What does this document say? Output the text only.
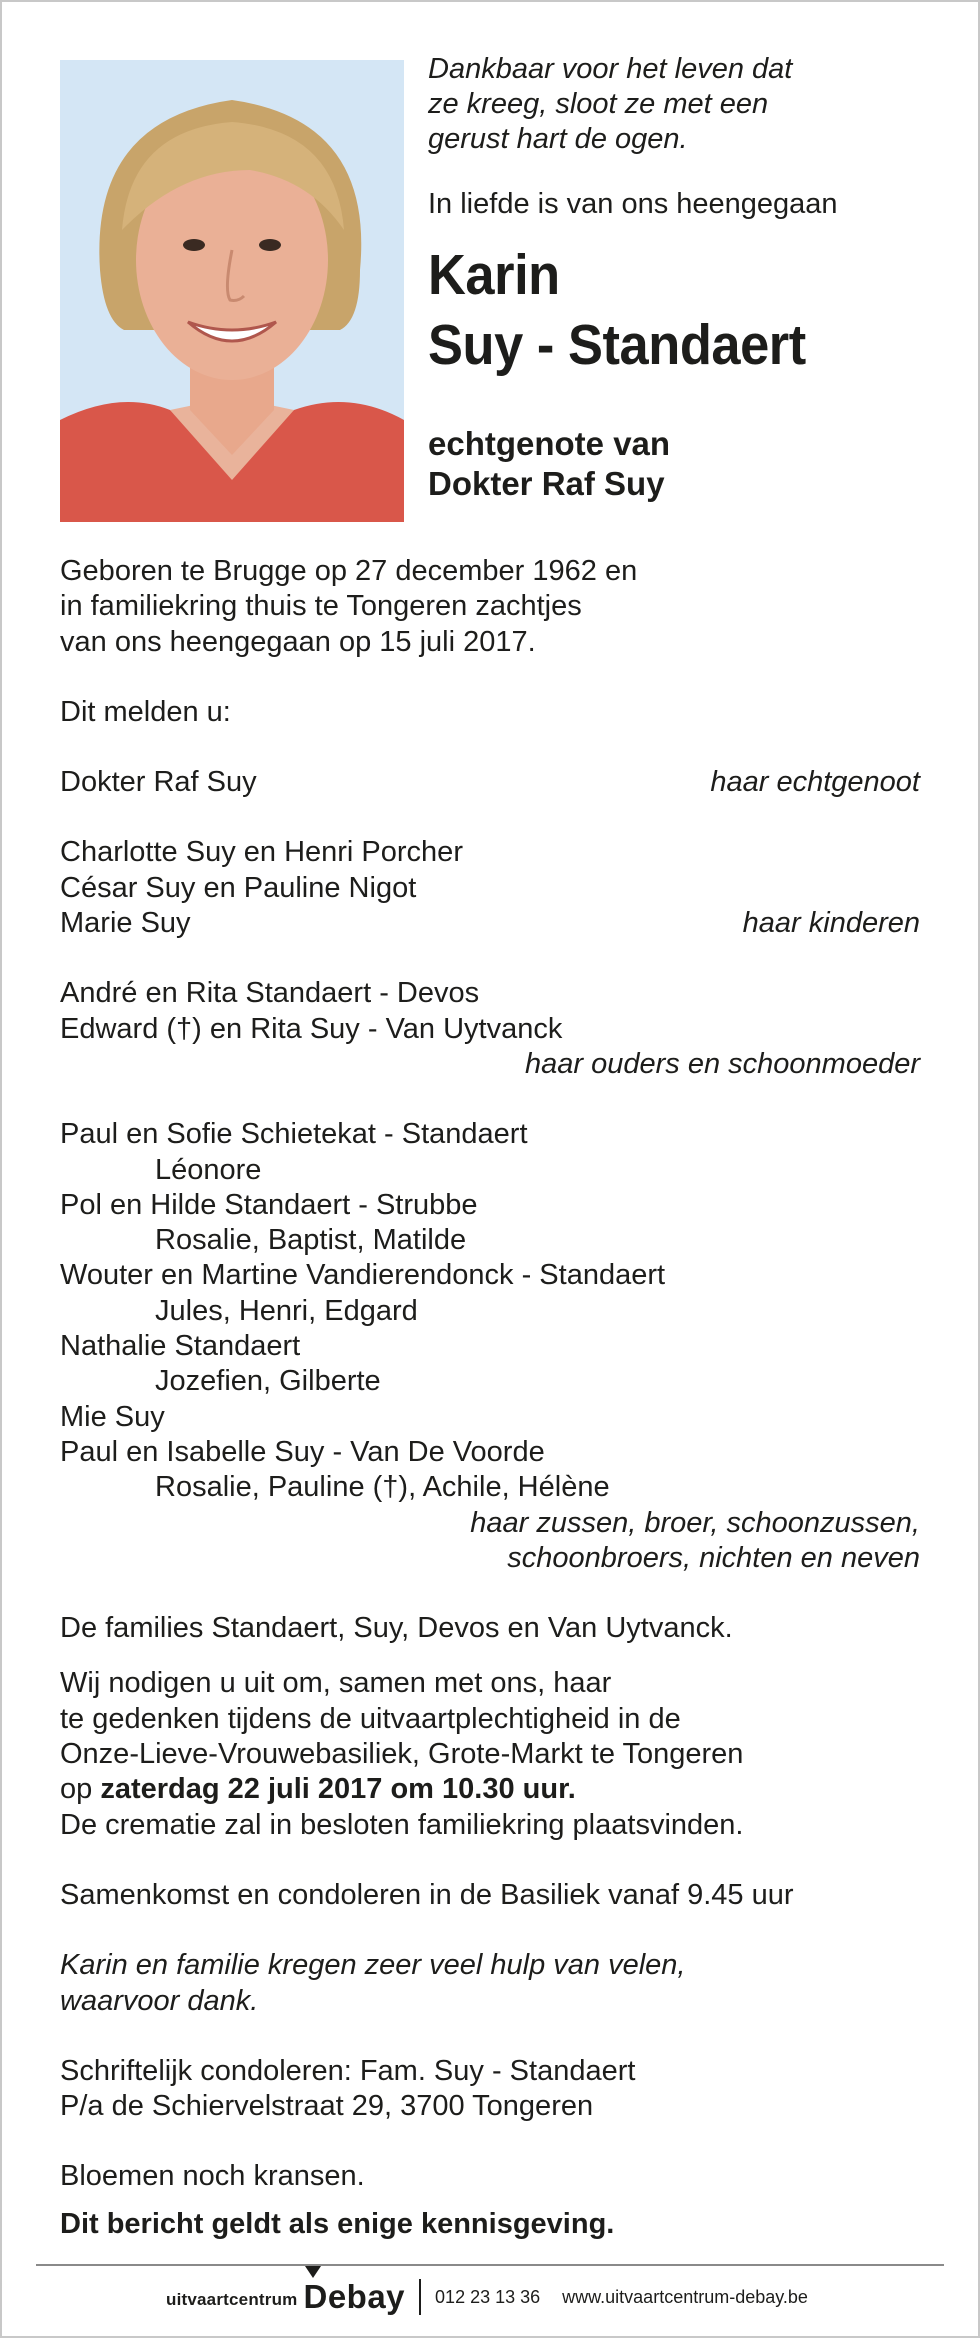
Dankbaar voor het leven dat
ze kreeg, sloot ze met een
gerust hart de ogen.

In liefde is van ons heengegaan

Karin
Suy - Standaert
echtgenote van
Dokter Raf Suy
Geboren te Brugge op 27 december 1962 en
in familiekring thuis te Tongeren zachtjes
van ons heengegaan op 15 juli 2017.
Dit melden u:
Dokter Raf Suy	haar echtgenoot
Charlotte Suy en Henri Porcher
César Suy en Pauline Nigot
Marie Suy	haar kinderen
André en Rita Standaert - Devos
Edward (†) en Rita Suy - Van Uytvanck
haar ouders en schoonmoeder
Paul en Sofie Schietekat - Standaert
Léonore
Pol en Hilde Standaert - Strubbe
Rosalie, Baptist, Matilde
Wouter en Martine Vandierendonck - Standaert
Jules, Henri, Edgard
Nathalie Standaert
Jozefien, Gilberte
Mie Suy
Paul en Isabelle Suy - Van De Voorde
Rosalie, Pauline (†), Achile, Hélène
haar zussen, broer, schoonzussen,
schoonbroers, nichten en neven
De families Standaert, Suy, Devos en Van Uytvanck.
Wij nodigen u uit om, samen met ons, haar
te gedenken tijdens de uitvaartplechtigheid in de
Onze-Lieve-Vrouwebasiliek, Grote-Markt te Tongeren
op zaterdag 22 juli 2017 om 10.30 uur.
De crematie zal in besloten familiekring plaatsvinden.
Samenkomst en condoleren in de Basiliek vanaf 9.45 uur
Karin en familie kregen zeer veel hulp van velen,
waarvoor dank.
Schriftelijk condoleren: Fam. Suy - Standaert
P/a de Schiervelstraat 29, 3700 Tongeren
Bloemen noch kransen.
Dit bericht geldt als enige kennisgeving.
uitvaartcentrum Debay 012 23 13 36 www.uitvaartcentrum-debay.be
